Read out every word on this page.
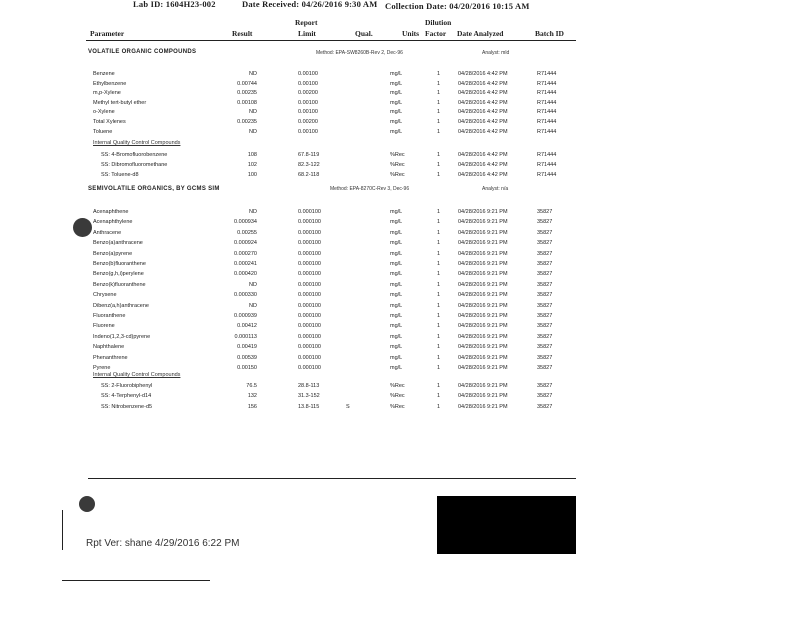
Lab ID: 1604H23-002	Date Received: 04/26/2016 9:30 AM Collection Date: 04/20/2016 10:15 AM
Parameter	Result
Report
Limit	Qual.	Units
Dilution
Factor Date Analyzed	Batch ID
VOLATILE ORGANIC COMPOUNDS	Method: EPA-SW8260B-Rev 2, Dec-96	Analyst: mld
Benzene	ND	0.00100	mg/L	1	04/28/2016 4:42 PM	R71444
Ethylbenzene	0.00744	0.00100	mg/L	1	04/28/2016 4:42 PM	R71444
m,p-Xylene	0.00235	0.00200	mg/L	1	04/28/2016 4:42 PM	R71444
Methyl tert-butyl ether	0.00108	0.00100	mg/L	1	04/28/2016 4:42 PM	R71444
o-Xylene	ND	0.00100	mg/L	1	04/28/2016 4:42 PM	R71444
Total Xylenes	0.00235	0.00200	mg/L	1	04/28/2016 4:42 PM	R71444
Toluene	ND	0.00100	mg/L	1	04/28/2016 4:42 PM	R71444
Internal Quality Control Compounds
SS: 4-Bromofluorobenzene	108	67.8-119	%Rec	1	04/28/2016 4:42 PM	R71444
SS: Dibromofluoromethane	102	82.3-122	%Rec	1	04/28/2016 4:42 PM	R71444
SS: Toluene-d8	100	68.2-118	%Rec	1	04/28/2016 4:42 PM	R71444
SEMIVOLATILE ORGANICS, BY GCMS SIM	Method: EPA-8270C-Rev 3, Dec-96	Analyst: n/a
Acenaphthene	ND	0.000100	mg/L	1	04/28/2016 9:21 PM	35827
Acenaphthylene	0.000934	0.000100	mg/L	1	04/28/2016 9:21 PM	35827
Anthracene	0.00255	0.000100	mg/L	1	04/28/2016 9:21 PM	35827
Benzo(a)anthracene	0.000924	0.000100	mg/L	1	04/28/2016 9:21 PM	35827
Benzo(a)pyrene	0.000270	0.000100	mg/L	1	04/28/2016 9:21 PM	35827
Benzo(b)fluoranthene	0.000241	0.000100	mg/L	1	04/28/2016 9:21 PM	35827
Benzo(g,h,i)perylene	0.000420	0.000100	mg/L	1	04/28/2016 9:21 PM	35827
Benzo(k)fluoranthene	ND	0.000100	mg/L	1	04/28/2016 9:21 PM	35827
Chrysene	0.000330	0.000100	mg/L	1	04/28/2016 9:21 PM	35827
Dibenz(a,h)anthracene	ND	0.000100	mg/L	1	04/28/2016 9:21 PM	35827
Fluoranthene	0.000939	0.000100	mg/L	1	04/28/2016 9:21 PM	35827
Fluorene	0.00412	0.000100	mg/L	1	04/28/2016 9:21 PM	35827
Indeno(1,2,3-cd)pyrene	0.000113	0.000100	mg/L	1	04/28/2016 9:21 PM	35827
Naphthalene	0.00419	0.000100	mg/L	1	04/28/2016 9:21 PM	35827
Phenanthrene	0.00539	0.000100	mg/L	1	04/28/2016 9:21 PM	35827
Pyrene	0.00150	0.000100	mg/L	1	04/28/2016 9:21 PM	35827
Internal Quality Control Compounds
SS: 2-Fluorobiphenyl	76.5	28.8-113	%Rec	1	04/28/2016 9:21 PM	35827
SS: 4-Terphenyl-d14	132	31.3-152	%Rec	1	04/28/2016 9:21 PM	35827
SS: Nitrobenzene-d5	156	13.8-115	S	%Rec	1	04/28/2016 9:21 PM	35827
Rpt Ver: shane 4/29/2016 6:22 PM
